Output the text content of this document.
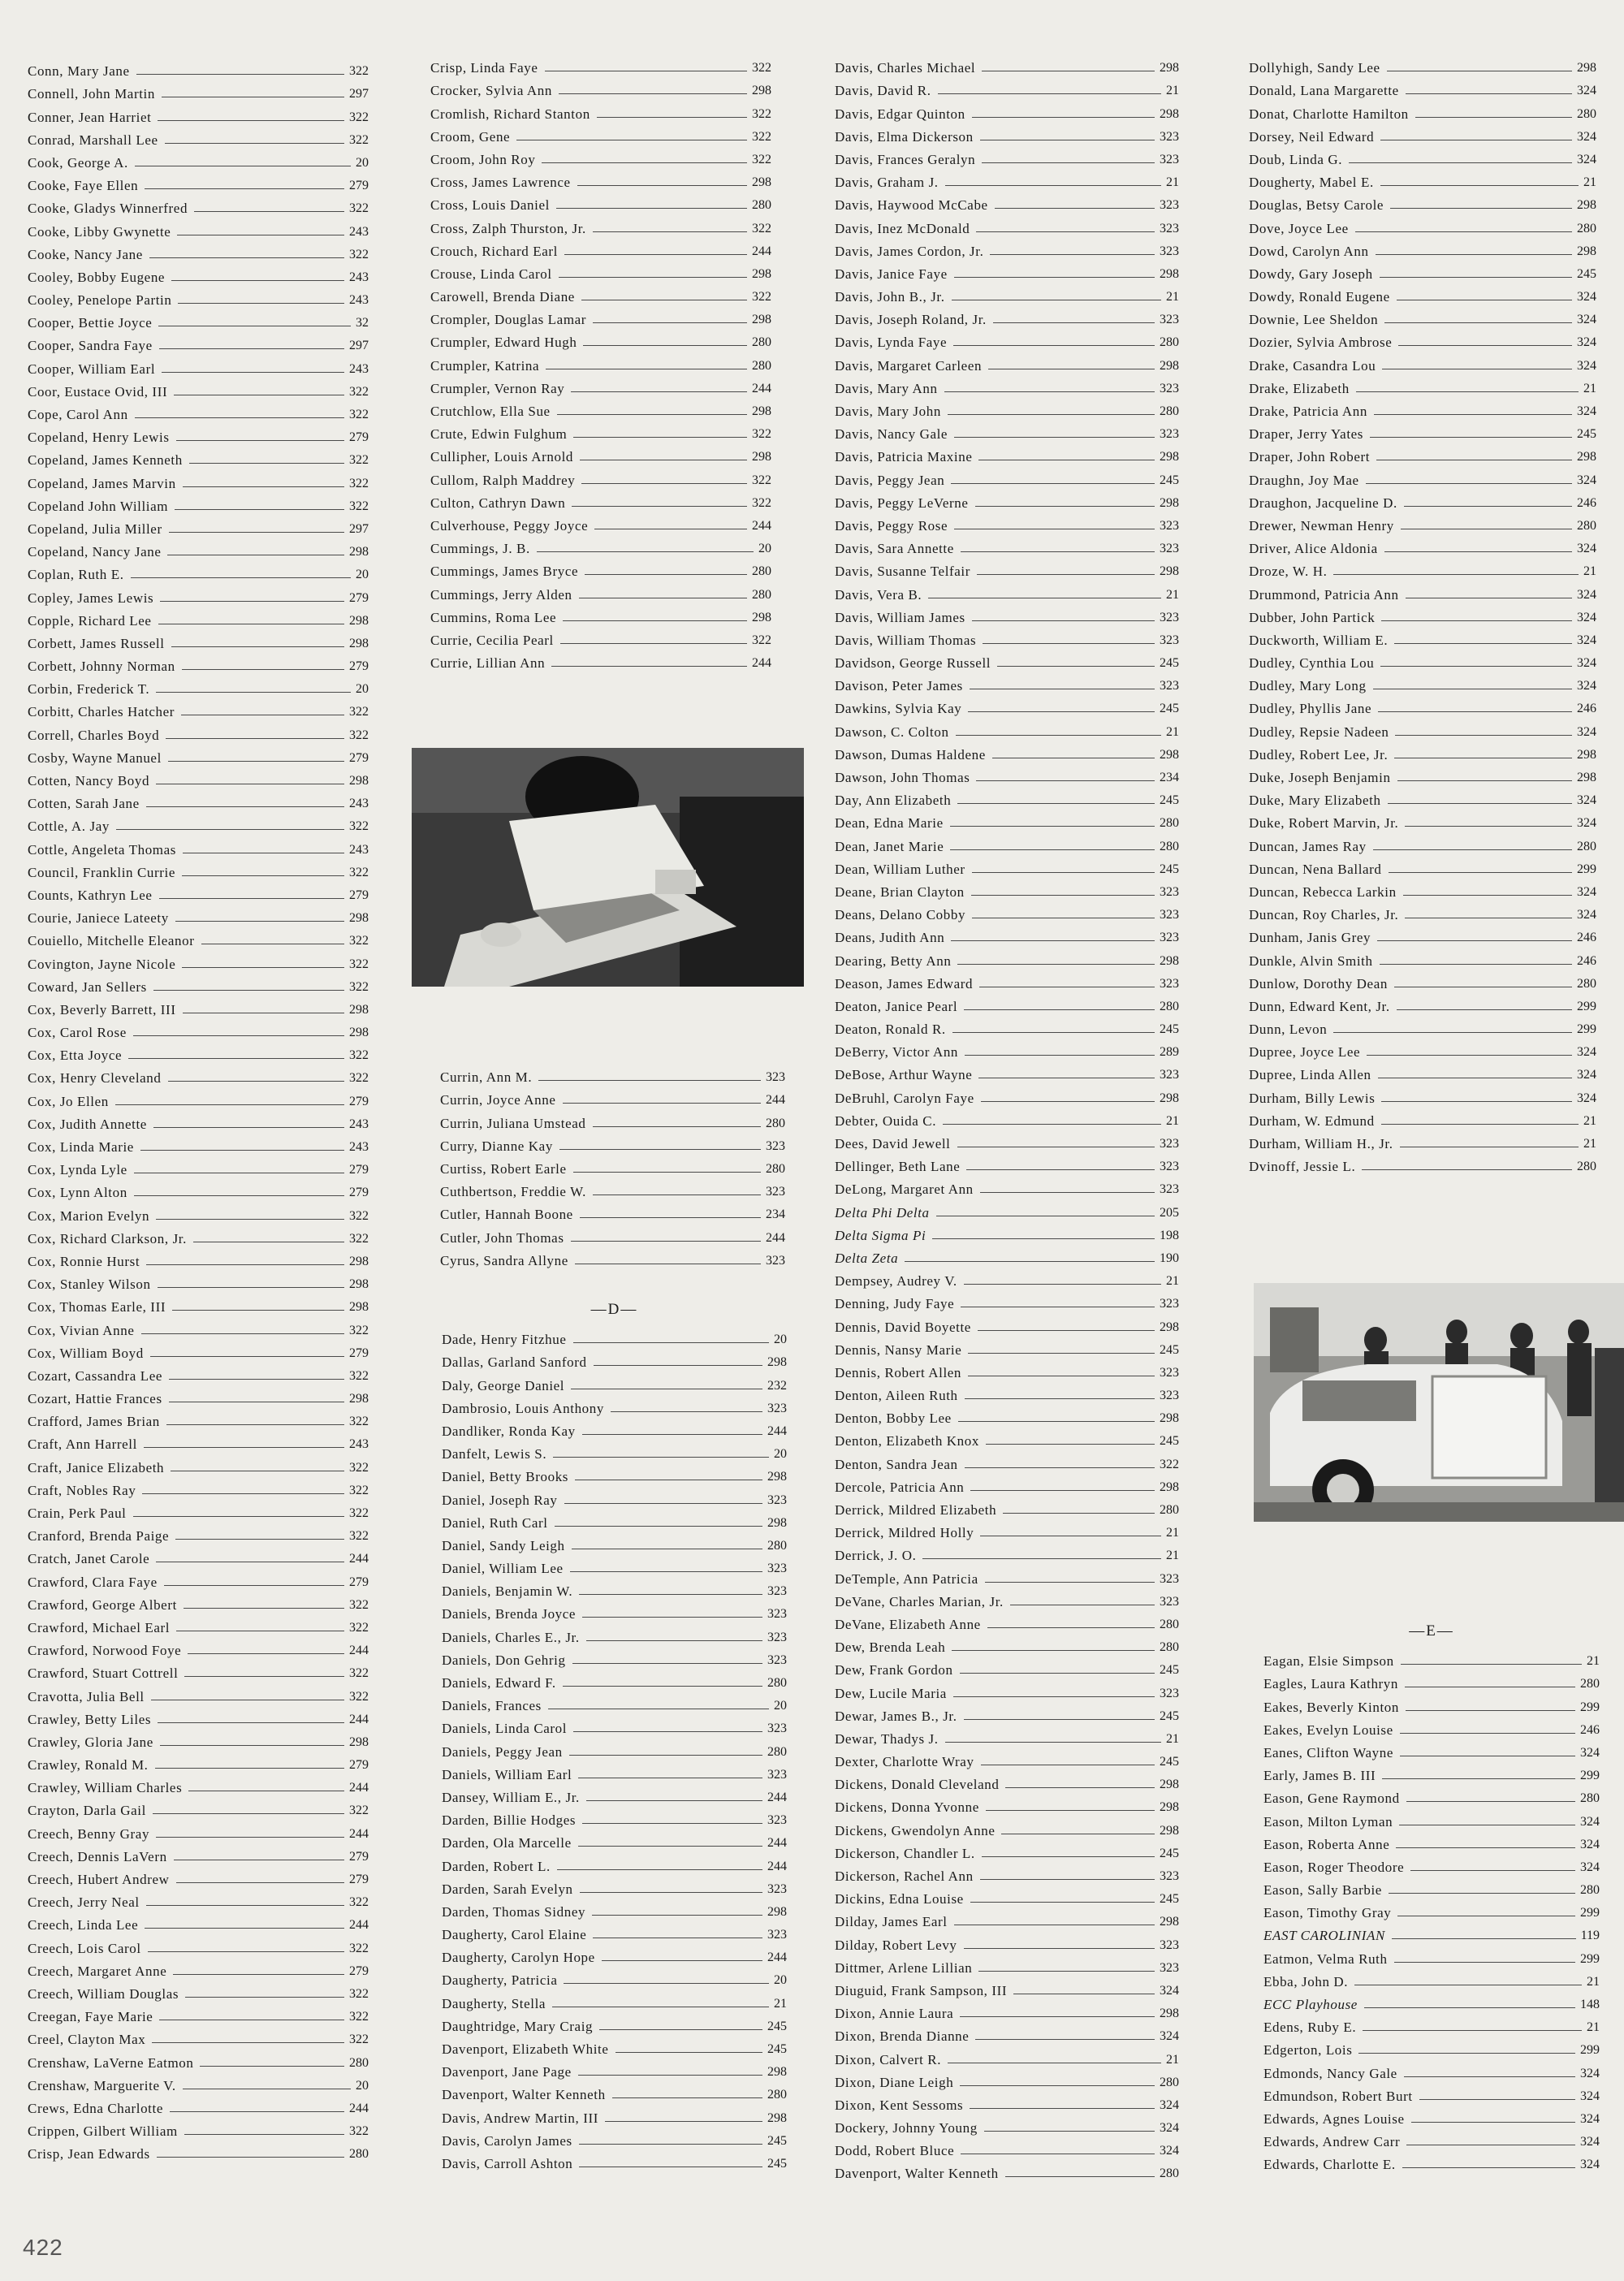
Conn, Mary Jane	322
Connell, John Martin	297
Conner, Jean Harriet	322
Conrad, Marshall Lee	322
Cook, George A.	20
Cooke, Faye Ellen	279
Cooke, Gladys Winnerfred	322
Cooke, Libby Gwynette	243
Cooke, Nancy Jane	322
Cooley, Bobby Eugene	243
Cooley, Penelope Partin	243
Cooper, Bettie Joyce	32
Cooper, Sandra Faye	297
Cooper, William Earl	243
Coor, Eustace Ovid, III	322
Cope, Carol Ann	322
Copeland, Henry Lewis	279
Copeland, James Kenneth	322
Copeland, James Marvin	322
Copeland John William	322
Copeland, Julia Miller	297
Copeland, Nancy Jane	298
Coplan, Ruth E.	20
Copley, James Lewis	279
Copple, Richard Lee	298
Corbett, James Russell	298
Corbett, Johnny Norman	279
Corbin, Frederick T.	20
Corbitt, Charles Hatcher	322
Correll, Charles Boyd	322
Cosby, Wayne Manuel	279
Cotten, Nancy Boyd	298
Cotten, Sarah Jane	243
Cottle, A. Jay	322
Cottle, Angeleta Thomas	243
Council, Franklin Currie	322
Counts, Kathryn Lee	279
Courie, Janiece Lateety	298
Couiello, Mitchelle Eleanor	322
Covington, Jayne Nicole	322
Coward, Jan Sellers	322
Cox, Beverly Barrett, III	298
Cox, Carol Rose	298
Cox, Etta Joyce	322
Cox, Henry Cleveland	322
Cox, Jo Ellen	279
Cox, Judith Annette	243
Cox, Linda Marie	243
Cox, Lynda Lyle	279
Cox, Lynn Alton	279
Cox, Marion Evelyn	322
Cox, Richard Clarkson, Jr.	322
Cox, Ronnie Hurst	298
Cox, Stanley Wilson	298
Cox, Thomas Earle, III	298
Cox, Vivian Anne	322
Cox, William Boyd	279
Cozart, Cassandra Lee	322
Cozart, Hattie Frances	298
Crafford, James Brian	322
Craft, Ann Harrell	243
Craft, Janice Elizabeth	322
Craft, Nobles Ray	322
Crain, Perk Paul	322
Cranford, Brenda Paige	322
Cratch, Janet Carole	244
Crawford, Clara Faye	279
Crawford, George Albert	322
Crawford, Michael Earl	322
Crawford, Norwood Foye	244
Crawford, Stuart Cottrell	322
Cravotta, Julia Bell	322
Crawley, Betty Liles	244
Crawley, Gloria Jane	298
Crawley, Ronald M.	279
Crawley, William Charles	244
Crayton, Darla Gail	322
Creech, Benny Gray	244
Creech, Dennis LaVern	279
Creech, Hubert Andrew	279
Creech, Jerry Neal	322
Creech, Linda Lee	244
Creech, Lois Carol	322
Creech, Margaret Anne	279
Creech, William Douglas	322
Creegan, Faye Marie	322
Creel, Clayton Max	322
Crenshaw, LaVerne Eatmon	280
Crenshaw, Marguerite V.	20
Crews, Edna Charlotte	244
Crippen, Gilbert William	322
Crisp, Jean Edwards	280
Crisp, Linda Faye	322
Crocker, Sylvia Ann	298
Cromlish, Richard Stanton	322
Croom, Gene	322
Croom, John Roy	322
Cross, James Lawrence	298
Cross, Louis Daniel	280
Cross, Zalph Thurston, Jr.	322
Crouch, Richard Earl	244
Crouse, Linda Carol	298
Carowell, Brenda Diane	322
Crompler, Douglas Lamar	298
Crumpler, Edward Hugh	280
Crumpler, Katrina	280
Crumpler, Vernon Ray	244
Crutchlow, Ella Sue	298
Crute, Edwin Fulghum	322
Cullipher, Louis Arnold	298
Cullom, Ralph Maddrey	322
Culton, Cathryn Dawn	322
Culverhouse, Peggy Joyce	244
Cummings, J. B.	20
Cummings, James Bryce	280
Cummings, Jerry Alden	280
Cummins, Roma Lee	298
Currie, Cecilia Pearl	322
Currie, Lillian Ann	244
Currin, Ann M.	323
Currin, Joyce Anne	244
Currin, Juliana Umstead	280
Curry, Dianne Kay	323
Curtiss, Robert Earle	280
Cuthbertson, Freddie W.	323
Cutler, Hannah Boone	234
Cutler, John Thomas	244
Cyrus, Sandra Allyne	323
—D—
Dade, Henry Fitzhue	20
Dallas, Garland Sanford	298
Daly, George Daniel	232
Dambrosio, Louis Anthony	323
Dandliker, Ronda Kay	244
Danfelt, Lewis S.	20
Daniel, Betty Brooks	298
Daniel, Joseph Ray	323
Daniel, Ruth Carl	298
Daniel, Sandy Leigh	280
Daniel, William Lee	323
Daniels, Benjamin W.	323
Daniels, Brenda Joyce	323
Daniels, Charles E., Jr.	323
Daniels, Don Gehrig	323
Daniels, Edward F.	280
Daniels, Frances	20
Daniels, Linda Carol	323
Daniels, Peggy Jean	280
Daniels, William Earl	323
Dansey, William E., Jr.	244
Darden, Billie Hodges	323
Darden, Ola Marcelle	244
Darden, Robert L.	244
Darden, Sarah Evelyn	323
Darden, Thomas Sidney	298
Daugherty, Carol Elaine	323
Daugherty, Carolyn Hope	244
Daugherty, Patricia	20
Daugherty, Stella	21
Daughtridge, Mary Craig	245
Davenport, Elizabeth White	245
Davenport, Jane Page	298
Davenport, Walter Kenneth	280
Davis, Andrew Martin, III	298
Davis, Carolyn James	245
Davis, Carroll Ashton	245
Davis, Charles Michael	298
Davis, David R.	21
Davis, Edgar Quinton	298
Davis, Elma Dickerson	323
Davis, Frances Geralyn	323
Davis, Graham J.	21
Davis, Haywood McCabe	323
Davis, Inez McDonald	323
Davis, James Cordon, Jr.	323
Davis, Janice Faye	298
Davis, John B., Jr.	21
Davis, Joseph Roland, Jr.	323
Davis, Lynda Faye	280
Davis, Margaret Carleen	298
Davis, Mary Ann	323
Davis, Mary John	280
Davis, Nancy Gale	323
Davis, Patricia Maxine	298
Davis, Peggy Jean	245
Davis, Peggy LeVerne	298
Davis, Peggy Rose	323
Davis, Sara Annette	323
Davis, Susanne Telfair	298
Davis, Vera B.	21
Davis, William James	323
Davis, William Thomas	323
Davidson, George Russell	245
Davison, Peter James	323
Dawkins, Sylvia Kay	245
Dawson, C. Colton	21
Dawson, Dumas Haldene	298
Dawson, John Thomas	234
Day, Ann Elizabeth	245
Dean, Edna Marie	280
Dean, Janet Marie	280
Dean, William Luther	245
Deane, Brian Clayton	323
Deans, Delano Cobby	323
Deans, Judith Ann	323
Dearing, Betty Ann	298
Deason, James Edward	323
Deaton, Janice Pearl	280
Deaton, Ronald R.	245
DeBerry, Victor Ann	289
DeBose, Arthur Wayne	323
DeBruhl, Carolyn Faye	298
Debter, Ouida C.	21
Dees, David Jewell	323
Dellinger, Beth Lane	323
DeLong, Margaret Ann	323
Delta Phi Delta	205
Delta Sigma Pi	198
Delta Zeta	190
Dempsey, Audrey V.	21
Denning, Judy Faye	323
Dennis, David Boyette	298
Dennis, Nansy Marie	245
Dennis, Robert Allen	323
Denton, Aileen Ruth	323
Denton, Bobby Lee	298
Denton, Elizabeth Knox	245
Denton, Sandra Jean	322
Dercole, Patricia Ann	298
Derrick, Mildred Elizabeth	280
Derrick, Mildred Holly	21
Derrick, J. O.	21
DeTemple, Ann Patricia	323
DeVane, Charles Marian, Jr.	323
DeVane, Elizabeth Anne	280
Dew, Brenda Leah	280
Dew, Frank Gordon	245
Dew, Lucile Maria	323
Dewar, James B., Jr.	245
Dewar, Thadys J.	21
Dexter, Charlotte Wray	245
Dickens, Donald Cleveland	298
Dickens, Donna Yvonne	298
Dickens, Gwendolyn Anne	298
Dickerson, Chandler L.	245
Dickerson, Rachel Ann	323
Dickins, Edna Louise	245
Dilday, James Earl	298
Dilday, Robert Levy	323
Dittmer, Arlene Lillian	323
Diuguid, Frank Sampson, III	324
Dixon, Annie Laura	298
Dixon, Brenda Dianne	324
Dixon, Calvert R.	21
Dixon, Diane Leigh	280
Dixon, Kent Sessoms	324
Dockery, Johnny Young	324
Dodd, Robert Bluce	324
Davenport, Walter Kenneth	280
Dollyhigh, Sandy Lee	298
Donald, Lana Margarette	324
Donat, Charlotte Hamilton	280
Dorsey, Neil Edward	324
Doub, Linda G.	324
Dougherty, Mabel E.	21
Douglas, Betsy Carole	298
Dove, Joyce Lee	280
Dowd, Carolyn Ann	298
Dowdy, Gary Joseph	245
Dowdy, Ronald Eugene	324
Downie, Lee Sheldon	324
Dozier, Sylvia Ambrose	324
Drake, Casandra Lou	324
Drake, Elizabeth	21
Drake, Patricia Ann	324
Draper, Jerry Yates	245
Draper, John Robert	298
Draughn, Joy Mae	324
Draughon, Jacqueline D.	246
Drewer, Newman Henry	280
Driver, Alice Aldonia	324
Droze, W. H.	21
Drummond, Patricia Ann	324
Dubber, John Partick	324
Duckworth, William E.	324
Dudley, Cynthia Lou	324
Dudley, Mary Long	324
Dudley, Phyllis Jane	246
Dudley, Repsie Nadeen	324
Dudley, Robert Lee, Jr.	298
Duke, Joseph Benjamin	298
Duke, Mary Elizabeth	324
Duke, Robert Marvin, Jr.	324
Duncan, James Ray	280
Duncan, Nena Ballard	299
Duncan, Rebecca Larkin	324
Duncan, Roy Charles, Jr.	324
Dunham, Janis Grey	246
Dunkle, Alvin Smith	246
Dunlow, Dorothy Dean	280
Dunn, Edward Kent, Jr.	299
Dunn, Levon	299
Dupree, Joyce Lee	324
Dupree, Linda Allen	324
Durham, Billy Lewis	324
Durham, W. Edmund	21
Durham, William H., Jr.	21
Dvinoff, Jessie L.	280
—E—
Eagan, Elsie Simpson	21
Eagles, Laura Kathryn	280
Eakes, Beverly Kinton	299
Eakes, Evelyn Louise	246
Eanes, Clifton Wayne	324
Early, James B. III	299
Eason, Gene Raymond	280
Eason, Milton Lyman	324
Eason, Roberta Anne	324
Eason, Roger Theodore	324
Eason, Sally Barbie	280
Eason, Timothy Gray	299
EAST CAROLINIAN	119
Eatmon, Velma Ruth	299
Ebba, John D.	21
ECC Playhouse	148
Edens, Ruby E.	21
Edgerton, Lois	299
Edmonds, Nancy Gale	324
Edmundson, Robert Burt	324
Edwards, Agnes Louise	324
Edwards, Andrew Carr	324
Edwards, Charlotte E.	324
422
